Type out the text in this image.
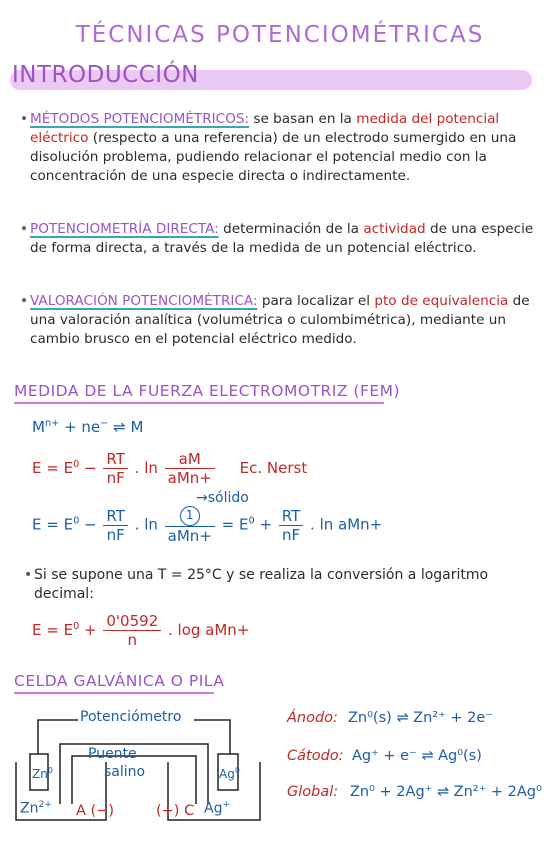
TÉCNICAS POTENCIOMÉTRICAS
INTRODUCCIÓN
• MÉTODOS POTENCIOMÉTRICOS: se basan en la medida del potencial eléctrico (respecto a una referencia) de un electrodo sumergido en una disolución problema, pudiendo relacionar el potencial medio con la concentración de una especie directa o indirectamente.
• POTENCIOMETRÍA DIRECTA: determinación de la actividad de una especie de forma directa, a través de la medida de un potencial eléctrico.
• VALORACIÓN POTENCIOMÉTRICA: para localizar el pto de equivalencia de una valoración analítica (volumétrica o culombimétrica), mediante un cambio brusco en el potencial eléctrico medido.
MEDIDA DE LA FUERZA ELECTROMOTRIZ (FEM)
$M^{n+} + ne^-$ ⇌ M
$E = E^0 - \frac{RT}{nF}$ . $\ln \frac{aM}{\text{aMn+}} Ec$. Nerst
→sólido
$E = E^0 - \frac{RT}{nF}$ . $\ln \frac{1}{\text{aMn+}} = E^0 + \frac{RT}{nF}$ . ln aMn+
• Si se supone una T = 25°C y se realiza la conversión a logaritmo decimal:
$E = E^0 + \frac{0'0592}{n}$ . log aMn+
CELDA GALVÁNICA O PILA
Potenciómetro
Puente
salino
Zn$^0$	Ag$^0$
$Zn^{2+}$	Ag+
A (−)	(+) C
Ánodo: Zn⁰(s) ⇌ Zn²⁺ + 2e⁻
Cátodo: Ag⁺ + e⁻ ⇌ Ag⁰(s)
Global: Zn⁰ + 2Ag⁺ ⇌ Zn²⁺ + 2Ag⁰
